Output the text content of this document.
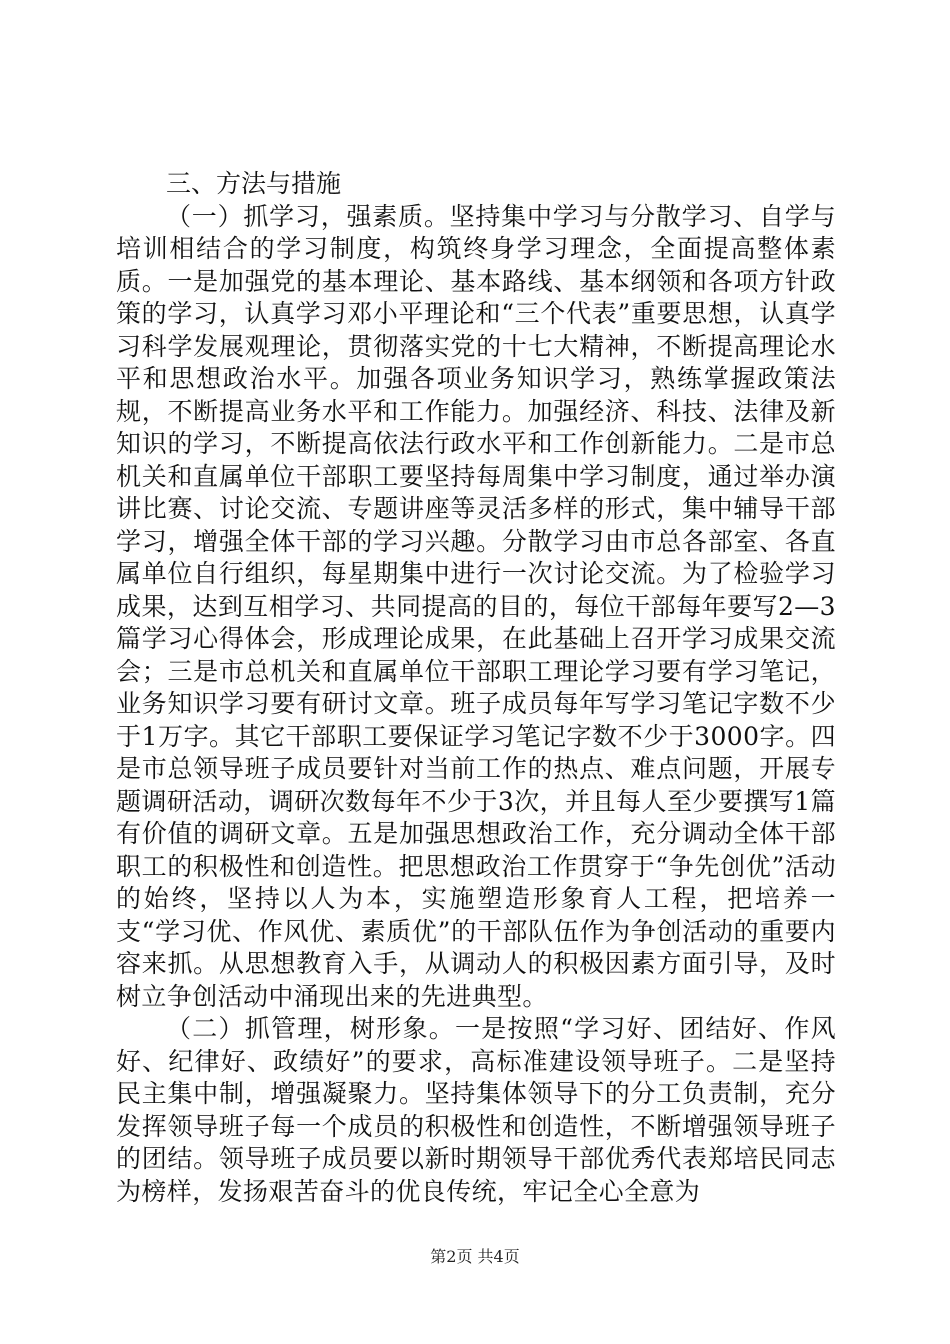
三、方法与措施

（一）抓学习，强素质。坚持集中学习与分散学习、自学与培训相结合的学习制度，构筑终身学习理念，全面提高整体素质。一是加强党的基本理论、基本路线、基本纲领和各项方针政策的学习，认真学习邓小平理论和“三个代表”重要思想，认真学习科学发展观理论，贯彻落实党的十七大精神，不断提高理论水平和思想政治水平。加强各项业务知识学习，熟练掌握政策法规，不断提高业务水平和工作能力。加强经济、科技、法律及新知识的学习，不断提高依法行政水平和工作创新能力。二是市总机关和直属单位干部职工要坚持每周集中学习制度，通过举办演讲比赛、讨论交流、专题讲座等灵活多样的形式，集中辅导干部学习，增强全体干部的学习兴趣。分散学习由市总各部室、各直属单位自行组织，每星期集中进行一次讨论交流。为了检验学习成果，达到互相学习、共同提高的目的，每位干部每年要写2—3篇学习心得体会，形成理论成果，在此基础上召开学习成果交流会；三是市总机关和直属单位干部职工理论学习要有学习笔记，业务知识学习要有研讨文章。班子成员每年写学习笔记字数不少于1万字。其它干部职工要保证学习笔记字数不少于3000字。四是市总领导班子成员要针对当前工作的热点、难点问题，开展专题调研活动，调研次数每年不少于3次，并且每人至少要撰写1篇有价值的调研文章。五是加强思想政治工作，充分调动全体干部职工的积极性和创造性。把思想政治工作贯穿于“争先创优”活动的始终，坚持以人为本，实施塑造形象育人工程，把培养一支“学习优、作风优、素质优”的干部队伍作为争创活动的重要内容来抓。从思想教育入手，从调动人的积极因素方面引导，及时树立争创活动中涌现出来的先进典型。

（二）抓管理，树形象。一是按照“学习好、团结好、作风好、纪律好、政绩好”的要求，高标准建设领导班子。二是坚持民主集中制，增强凝聚力。坚持集体领导下的分工负责制，充分发挥领导班子每一个成员的积极性和创造性，不断增强领导班子的团结。领导班子成员要以新时期领导干部优秀代表郑培民同志为榜样，发扬艰苦奋斗的优良传统，牢记全心全意为

第2页 共4页
